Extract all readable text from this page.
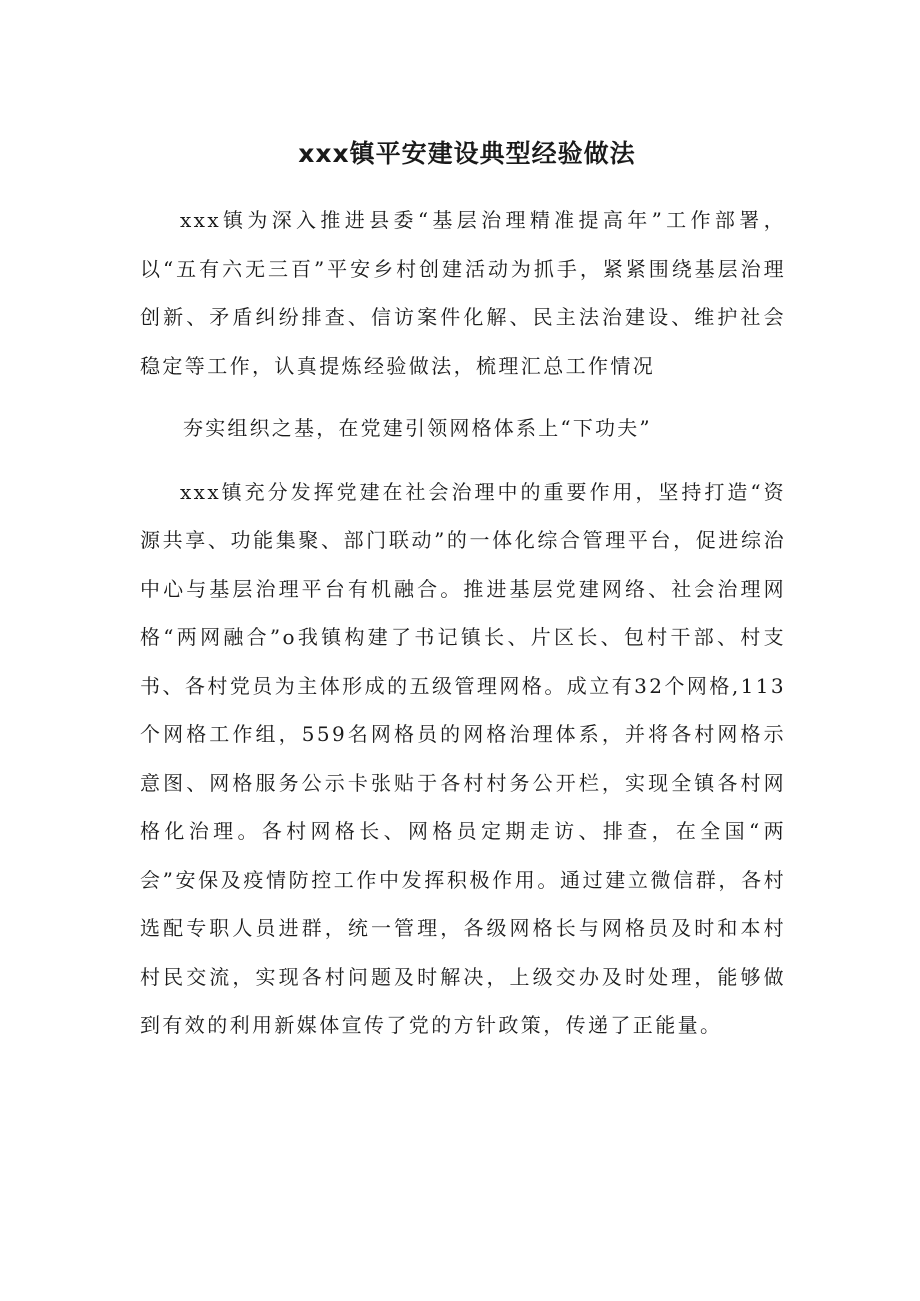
xxx镇平安建设典型经验做法

xxx镇为深入推进县委“基层治理精准提高年”工作部署，以“五有六无三百”平安乡村创建活动为抓手，紧紧围绕基层治理创新、矛盾纠纷排查、信访案件化解、民主法治建设、维护社会稳定等工作，认真提炼经验做法，梳理汇总工作情况

夯实组织之基，在党建引领网格体系上“下功夫”

xxx镇充分发挥党建在社会治理中的重要作用，坚持打造“资源共享、功能集聚、部门联动”的一体化综合管理平台，促进综治中心与基层治理平台有机融合。推进基层党建网络、社会治理网格“两网融合”o我镇构建了书记镇长、片区长、包村干部、村支书、各村党员为主体形成的五级管理网格。成立有32个网格,113个网格工作组，559名网格员的网格治理体系，并将各村网格示意图、网格服务公示卡张贴于各村村务公开栏，实现全镇各村网格化治理。各村网格长、网格员定期走访、排查，在全国“两会”安保及疫情防控工作中发挥积极作用。通过建立微信群，各村选配专职人员进群，统一管理，各级网格长与网格员及时和本村村民交流，实现各村问题及时解决，上级交办及时处理，能够做到有效的利用新媒体宣传了党的方针政策，传递了正能量。
